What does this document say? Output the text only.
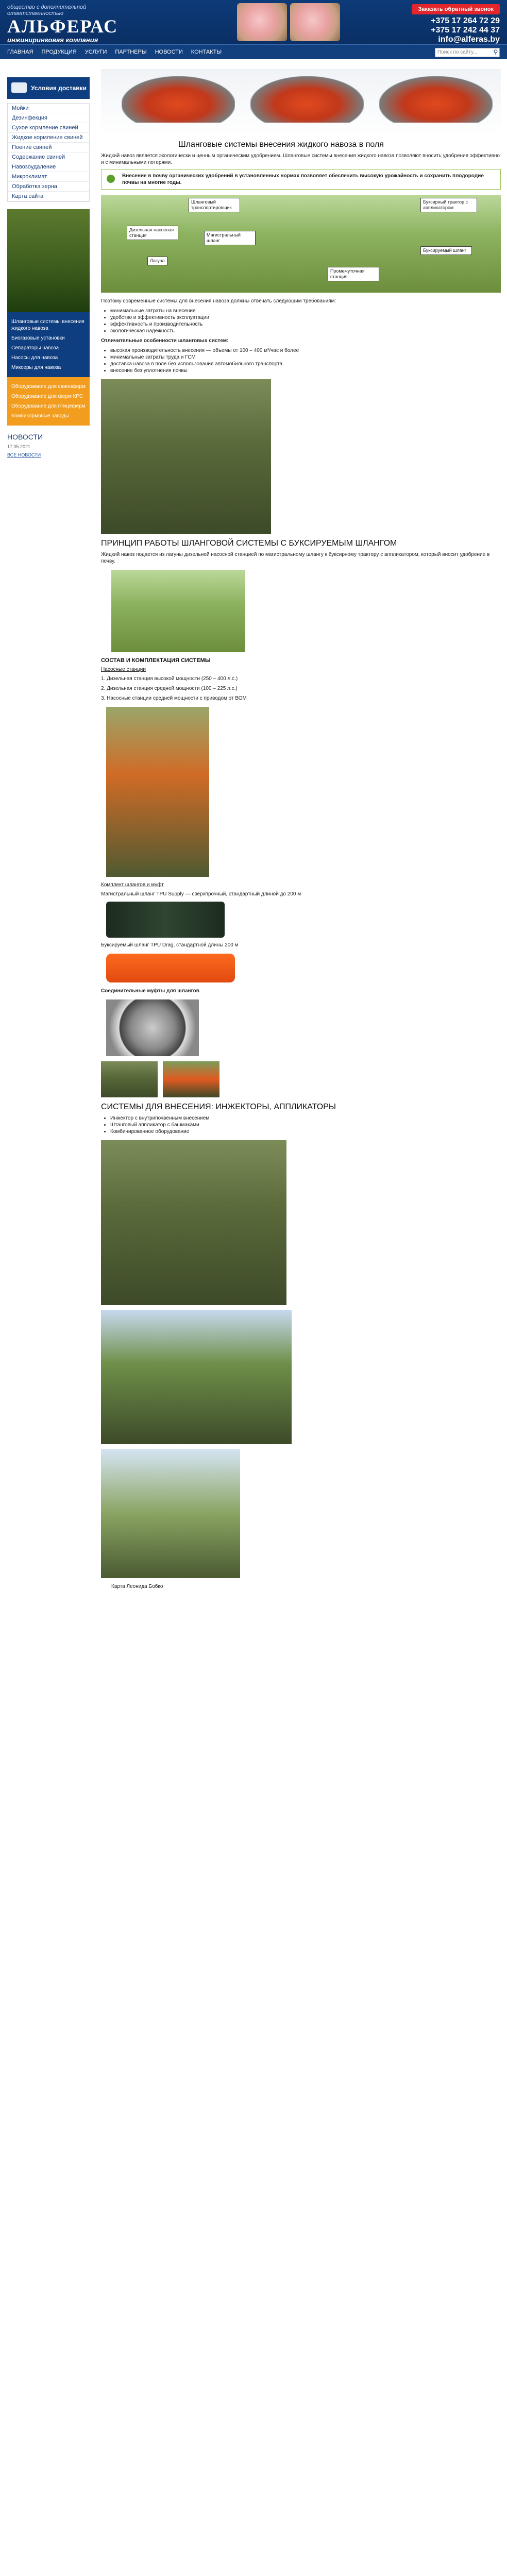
общество с дополнительной ответственностью
АЛЬФЕРАС
инжиниринговая компания
Заказать обратный звонок
+375 17 264 72 29
+375 17 242 44 37
info@alferas.by
ГЛАВНАЯ ПРОДУКЦИЯ УСЛУГИ ПАРТНЕРЫ НОВОСТИ КОНТАКТЫ	Поиск по сайту...	⚲
Условия доставки
Мойки
Дезинфекция
Сухое кормление свиней
Жидкое кормление свиней
Поение свиней
Содержание свиней
Навозоудаление
Микроклимат
Обработка зерна
Карта сайта
Шланговые системы внесения жидкого навоза
Биогазовые установки
Сепараторы навоза
Насосы для навоза
Миксеры для навоза
Оборудование для свиноферм
Оборудование для ферм КРС
Оборудование для птицеферм
Комбикормовые заводы
НОВОСТИ
17.05.2021
ВСЕ НОВОСТИ
Шланговые системы внесения жидкого навоза в поля

Жидкий навоз является экологически и ценным органическим удобрением. Шланговые системы внесения жидкого навоза позволяют вносить удобрения эффективно и с минимальными потерями.

Внесение в почву органических удобрений в установленных нормах позволяет обеспечить высокую урожайность и сохранить плодородие почвы на многие годы.
Шланговый транспортировщик
Буксирный трактор с аппликатором
Дизельная насосная станция	Магистральный шланг
Лагуна
Промежуточная станция
Буксируемый шланг

Поэтому современные системы для внесения навоза должны отвечать следующим требованиям:

• минимальные затраты на внесение
• удобство и эффективность эксплуатации
• эффективность и производительность
• экологическая надежность

Отличительные особенности шланговых систем:

• высокая производительность внесения — объемы от 100 – 400 м³/час и более
• минимальные затраты труда и ГСМ
• доставка навоза в поле без использования автомобильного транспорта
• внесение без уплотнения почвы
ПРИНЦИП РАБОТЫ ШЛАНГОВОЙ СИСТЕМЫ С БУКСИРУЕМЫМ ШЛАНГОМ

Жидкий навоз подается из лагуны дизельной насосной станцией по магистральному шлангу к буксирному трактору с аппликатором, который вносит удобрение в почву.

СОСТАВ И КОМПЛЕКТАЦИЯ СИСТЕМЫ
Насосные станции

1. Дизельная станция высокой мощности (250 – 400 л.с.)

2. Дизельная станция средней мощности (100 – 225 л.с.)

3. Насосные станции средней мощности с приводом от ВОМ

Комплект шлангов и муфт

Магистральный шланг TPU Supply — сверхпрочный, стандартный длиной до 200 м

Буксируемый шланг TPU Drag, стандартной длины 200 м

Соединительные муфты для шлангов

СИСТЕМЫ ДЛЯ ВНЕСЕНИЯ: ИНЖЕКТОРЫ, АППЛИКАТОРЫ
• Инжектор с внутрипочвенным внесением
• Штанговый аппликатор с башмаками
• Комбинированное оборудование

Карта Леонида Бобко
